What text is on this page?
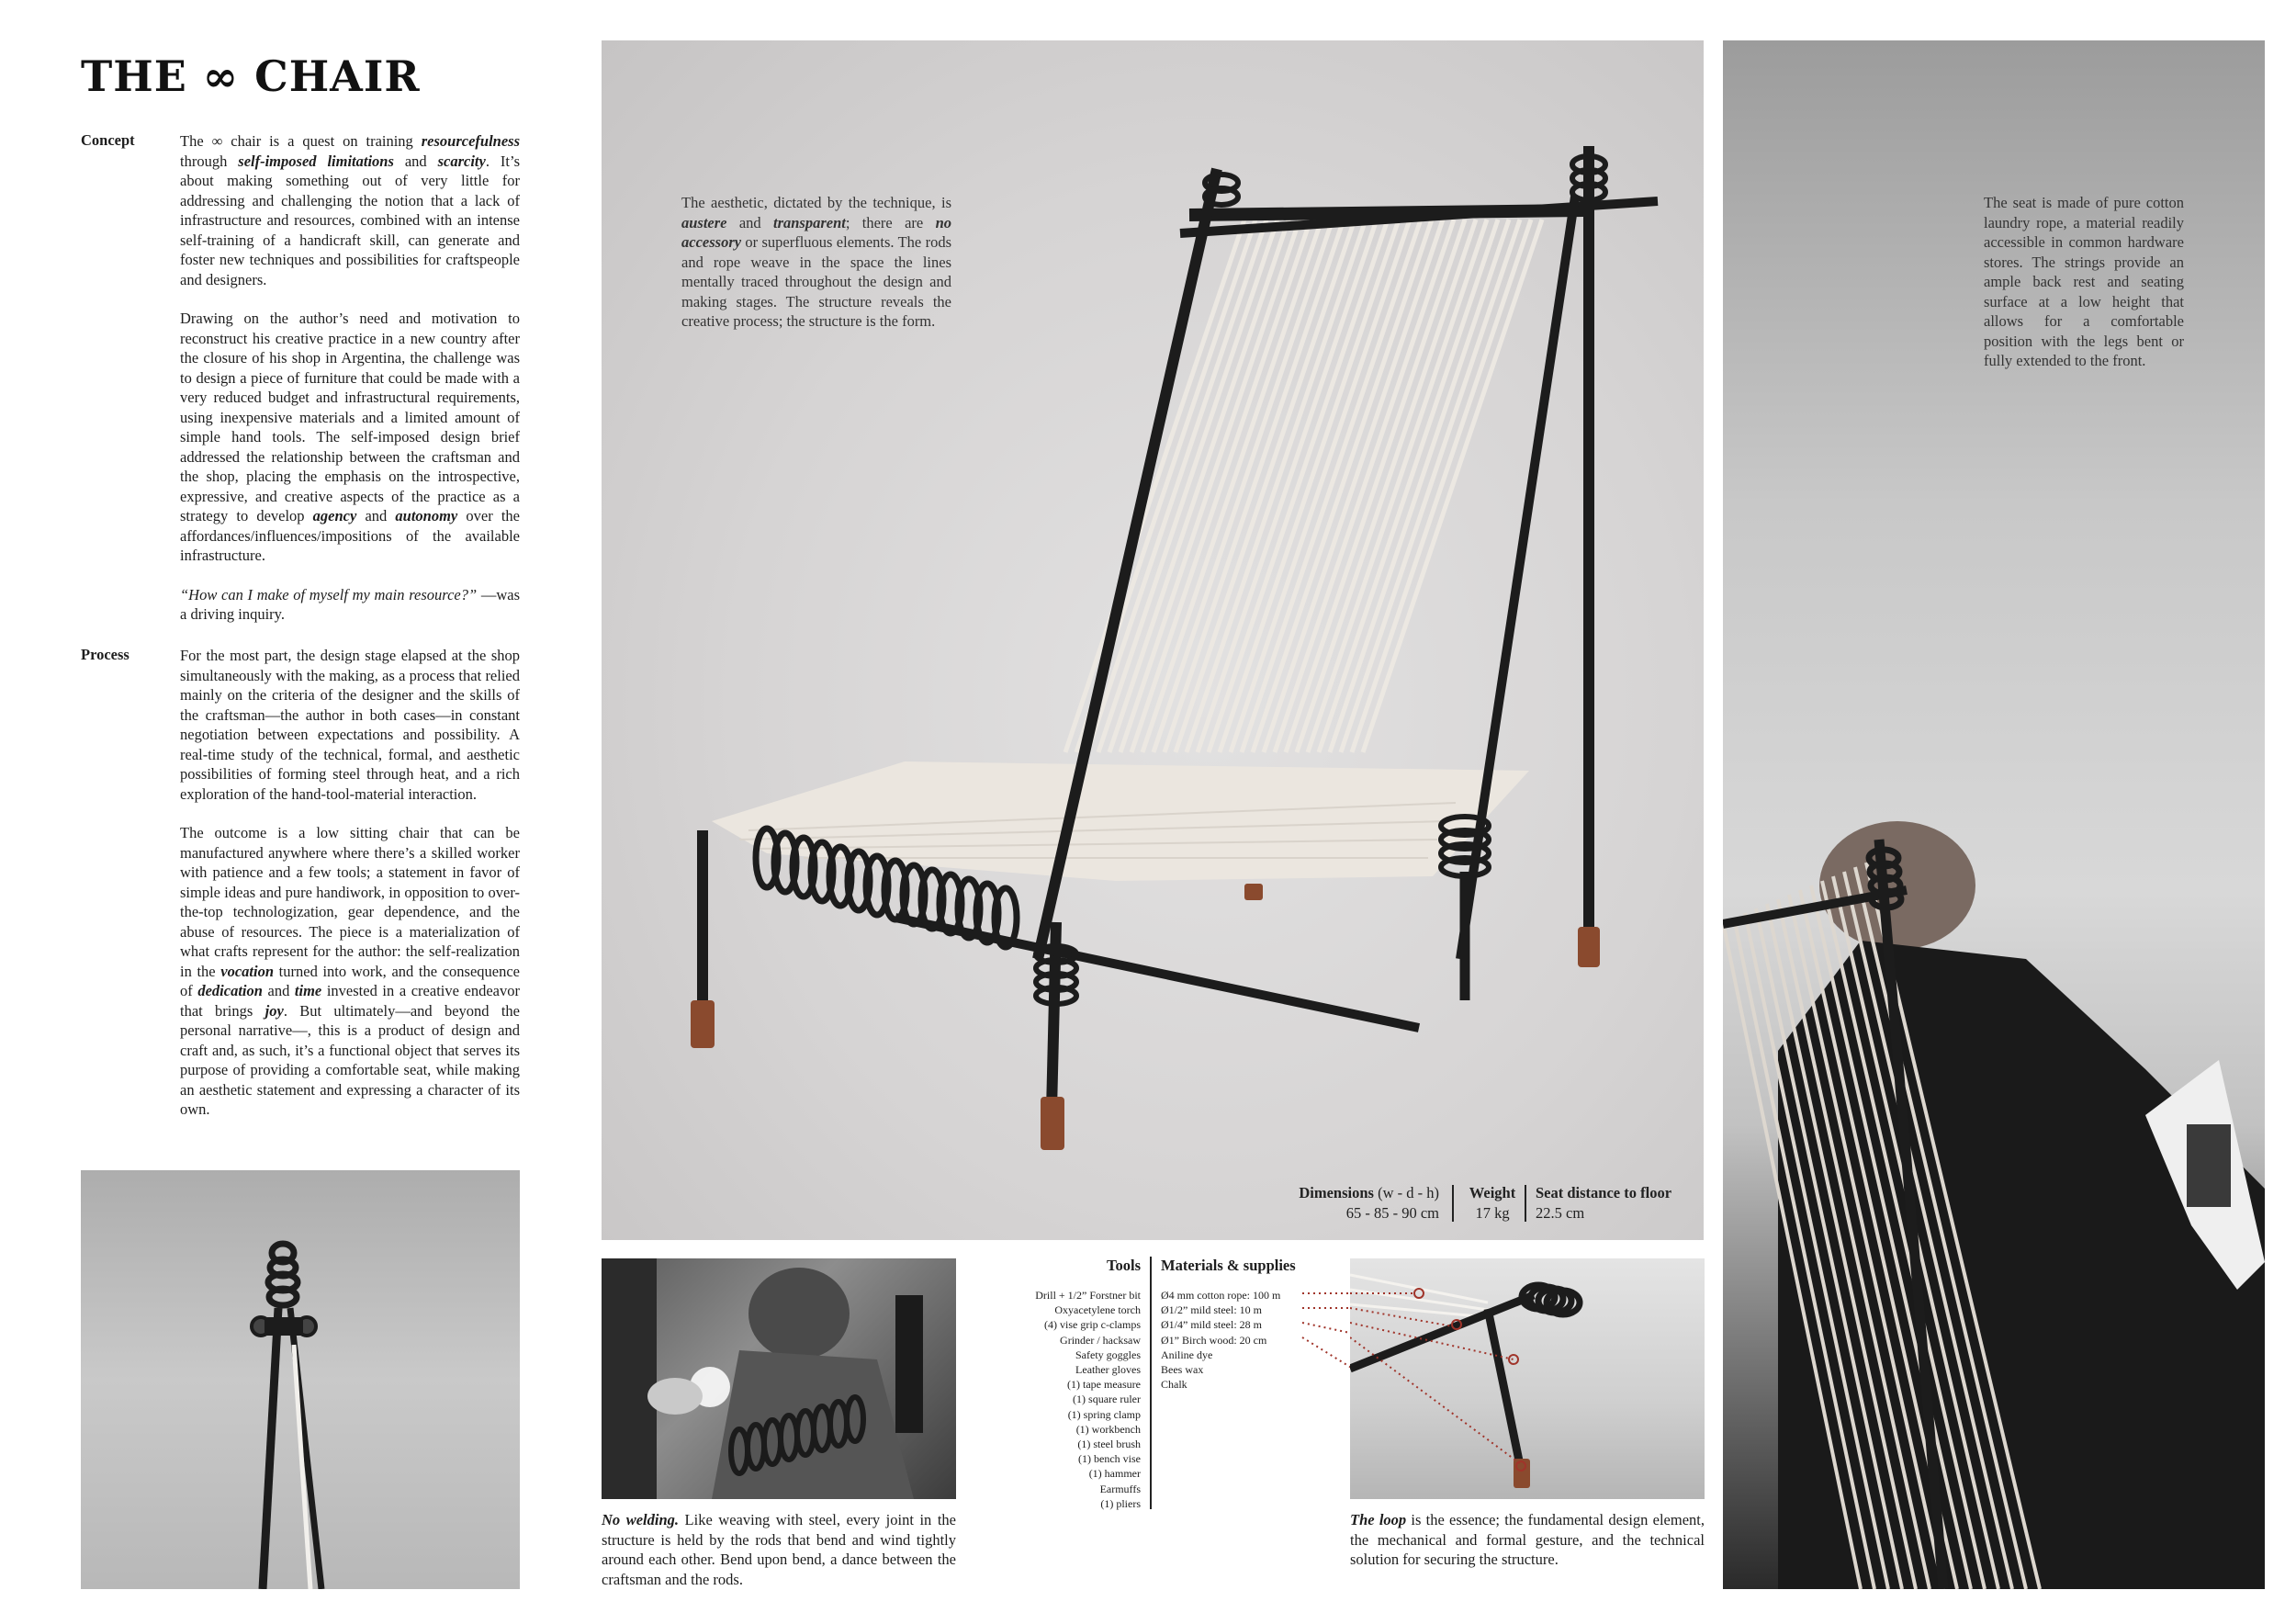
THE ∞ CHAIR
Concept	The ∞ chair is a quest on training resourcefulness through self-imposed limitations and scarcity. It’s about making something out of very little for addressing and challenging the notion that a lack of infrastructure and resources, combined with an intense self-training of a handicraft skill, can generate and foster new techniques and possibilities for craftspeople and designers.

Drawing on the author’s need and motivation to reconstruct his creative practice in a new country after the closure of his shop in Argentina, the challenge was to design a piece of furniture that could be made with a very reduced budget and infrastructural requirements, using inexpensive materials and a limited amount of simple hand tools. The self-imposed design brief addressed the relationship between the craftsman and the shop, placing the emphasis on the introspective, expressive, and creative aspects of the practice as a strategy to develop agency and autonomy over the affordances/influences/impositions of the available infrastructure.

“How can I make of myself my main resource?” —was a driving inquiry.

Process	For the most part, the design stage elapsed at the shop simultaneously with the making, as a process that relied mainly on the criteria of the designer and the skills of the craftsman—the author in both cases—in constant negotiation between expectations and possibility. A real-time study of the technical, formal, and aesthetic possibilities of forming steel through heat, and a rich exploration of the hand-tool-material interaction.

The outcome is a low sitting chair that can be manufactured anywhere where there’s a skilled worker with patience and a few tools; a statement in favor of simple ideas and pure handiwork, in opposition to over-the-top technologization, gear dependence, and the abuse of resources. The piece is a materialization of what crafts represent for the author: the self-realization in the vocation turned into work, and the consequence of dedication and time invested in a creative endeavor that brings joy. But ultimately—and beyond the personal narrative—, this is a product of design and craft and, as such, it’s a functional object that serves its purpose of providing a comfortable seat, while making an aesthetic statement and expressing a character of its own.

The aesthetic, dictated by the technique, is austere and transparent; there are no accessory or superfluous elements. The rods and rope weave in the space the lines mentally traced throughout the design and making stages. The structure reveals the creative process; the structure is the form.
Dimensions (w - d - h)
65 - 85 - 90 cm
Weight
17 kg
Seat distance to floor
22.5 cm
The seat is made of pure cotton laundry rope, a material readily accessible in common hardware stores. The strings provide an ample back rest and seating surface at a low height that allows for a comfortable position with the legs bent or fully extended to the front.
No welding. Like weaving with steel, every joint in the structure is held by the rods that bend and wind tightly around each other. Bend upon bend, a dance between the craftsman and the rods.
Tools
Drill + 1/2” Forstner bit
Oxyacetylene torch
(4) vise grip c-clamps
Grinder / hacksaw
Safety goggles
Leather gloves
(1) tape measure
(1) square ruler
(1) spring clamp
(1) workbench
(1) steel brush
(1) bench vise
(1) hammer
Earmuffs
(1) pliers
Materials & supplies
Ø4 mm cotton rope: 100 m
Ø1/2” mild steel: 10 m
Ø1/4” mild steel: 28 m
Ø1” Birch wood: 20 cm
Aniline dye
Bees wax
Chalk
The loop is the essence; the fundamental design element, the mechanical and formal gesture, and the technical solution for securing the structure.
